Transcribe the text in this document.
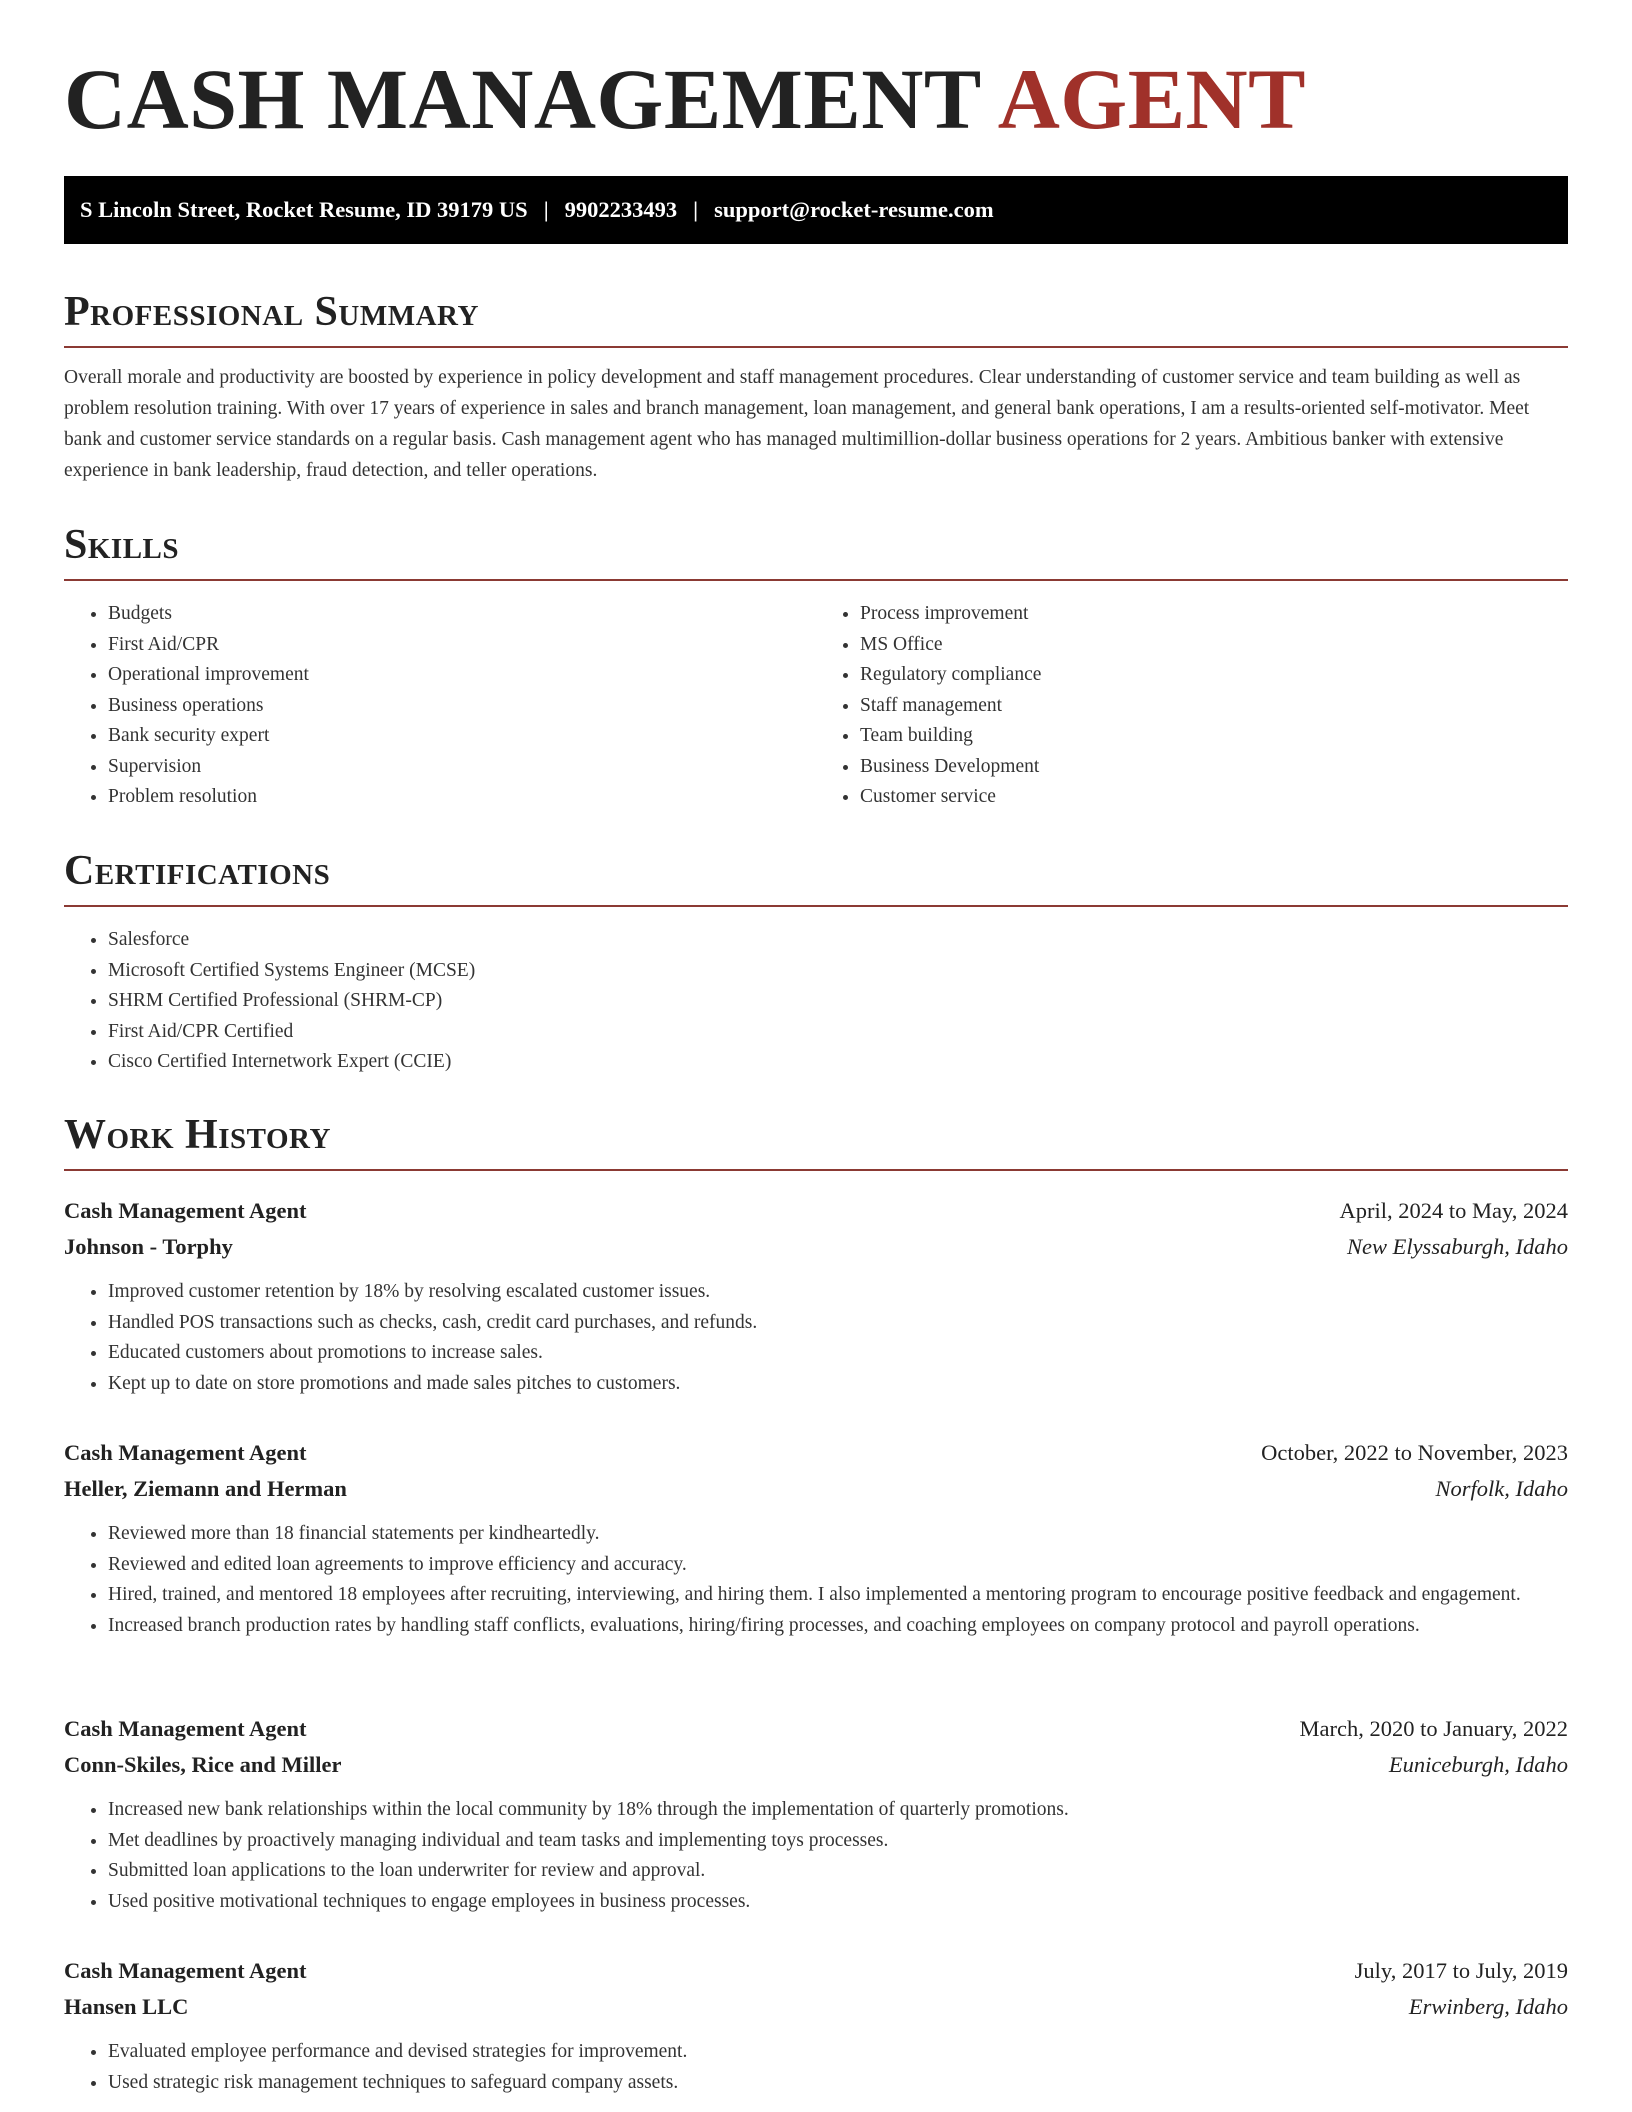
CASH MANAGEMENT AGENT
S Lincoln Street, Rocket Resume, ID 39179 US | 9902233493 | support@rocket-resume.com
Professional Summary

Overall morale and productivity are boosted by experience in policy development and staff management procedures. Clear understanding of customer service and team building as well as problem resolution training. With over 17 years of experience in sales and branch management, loan management, and general bank operations, I am a results-oriented self-motivator. Meet bank and customer service standards on a regular basis. Cash management agent who has managed multimillion-dollar business operations for 2 years. Ambitious banker with extensive experience in bank leadership, fraud detection, and teller operations.

Skills
• Budgets
• First Aid/CPR
• Operational improvement
• Business operations
• Bank security expert
• Supervision
• Problem resolution
• Process improvement
• MS Office
• Regulatory compliance
• Staff management
• Team building
• Business Development
• Customer service
Certifications
• Salesforce
• Microsoft Certified Systems Engineer (MCSE)
• SHRM Certified Professional (SHRM-CP)
• First Aid/CPR Certified
• Cisco Certified Internetwork Expert (CCIE)
Work History
Cash Management Agent	April, 2024 to May, 2024
Johnson - Torphy	New Elyssaburgh, Idaho
• Improved customer retention by 18% by resolving escalated customer issues.
• Handled POS transactions such as checks, cash, credit card purchases, and refunds.
• Educated customers about promotions to increase sales.
• Kept up to date on store promotions and made sales pitches to customers.
Cash Management Agent	October, 2022 to November, 2023
Heller, Ziemann and Herman	Norfolk, Idaho
• Reviewed more than 18 financial statements per kindheartedly.
• Reviewed and edited loan agreements to improve efficiency and accuracy.
• Hired, trained, and mentored 18 employees after recruiting, interviewing, and hiring them. I also implemented a mentoring program to encourage positive feedback and engagement.
• Increased branch production rates by handling staff conflicts, evaluations, hiring/firing processes, and coaching employees on company protocol and payroll operations.
Cash Management Agent	March, 2020 to January, 2022
Conn-Skiles, Rice and Miller	Euniceburgh, Idaho
• Increased new bank relationships within the local community by 18% through the implementation of quarterly promotions.
• Met deadlines by proactively managing individual and team tasks and implementing toys processes.
• Submitted loan applications to the loan underwriter for review and approval.
• Used positive motivational techniques to engage employees in business processes.
Cash Management Agent	July, 2017 to July, 2019
Hansen LLC	Erwinberg, Idaho
• Evaluated employee performance and devised strategies for improvement.
• Used strategic risk management techniques to safeguard company assets.
